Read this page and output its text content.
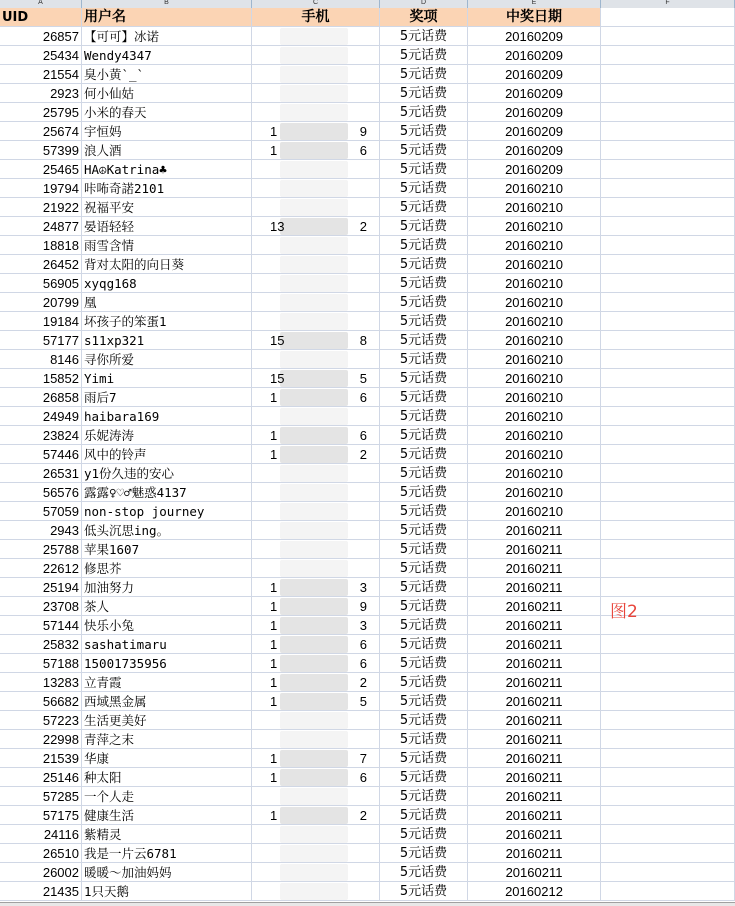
A	B	C	D	E	F
UID	用户名	手机	奖项	中奖日期
26857 【可可】冰诺	5元话费	20160209
25434 Wendy4347	5元话费	20160209
21554 臭小黄`_`	5元话费	20160209
2923 何小仙姑	5元话费	20160209
25795 小米的春天	5元话费	20160209
25674 宇恒妈	1	9	5元话费	20160209
57399 浪人酒	1	6	5元话费	20160209
25465 HA☮Katrina♣	5元话费	20160209
19794 咔咘奇諾2101	5元话费	20160210
21922 祝福平安	5元话费	20160210
24877 晏语轻轻	13	2	5元话费	20160210
18818 雨雪含情	5元话费	20160210
26452 背对太阳的向日葵	5元话费	20160210
56905 xyqg168	5元话费	20160210
20799 凰	5元话费	20160210
19184 坏孩子的笨蛋1	5元话费	20160210
57177 s11xp321	15	8	5元话费	20160210
8146 寻你所爱	5元话费	20160210
15852 Yimi	15	5	5元话费	20160210
26858 雨后7	1	6	5元话费	20160210
24949 haibara169	5元话费	20160210
23824 乐妮涛涛	1	6	5元话费	20160210
57446 风中的铃声	1	2	5元话费	20160210
26531 y1份久违的安心	5元话费	20160210
56576 露露♀♡♂魅惑4137	5元话费	20160210
57059 non-stop journey	5元话费	20160210
2943 低头沉思ing。	5元话费	20160211
25788 苹果1607	5元话费	20160211
22612 修思芥	5元话费	20160211
25194 加油努力	1	3	5元话费	20160211
23708 茶人	1	9	5元话费	20160211
57144 快乐小兔	1	3	5元话费	20160211
25832 sashatimaru	1	6	5元话费	20160211
57188 15001735956	1	6	5元话费	20160211
13283 立青霞	1	2	5元话费	20160211
56682 西域黑金属	1	5	5元话费	20160211
57223 生活更美好	5元话费	20160211
22998 青萍之末	5元话费	20160211
21539 华康	1	7	5元话费	20160211
25146 种太阳	1	6	5元话费	20160211
57285 一个人走	5元话费	20160211
57175 健康生活	1	2	5元话费	20160211
24116 紫精灵	5元话费	20160211
26510 我是一片云6781	5元话费	20160211
26002 暖暖～加油妈妈	5元话费	20160211
21435 1只天鹅	5元话费	20160212
图2
